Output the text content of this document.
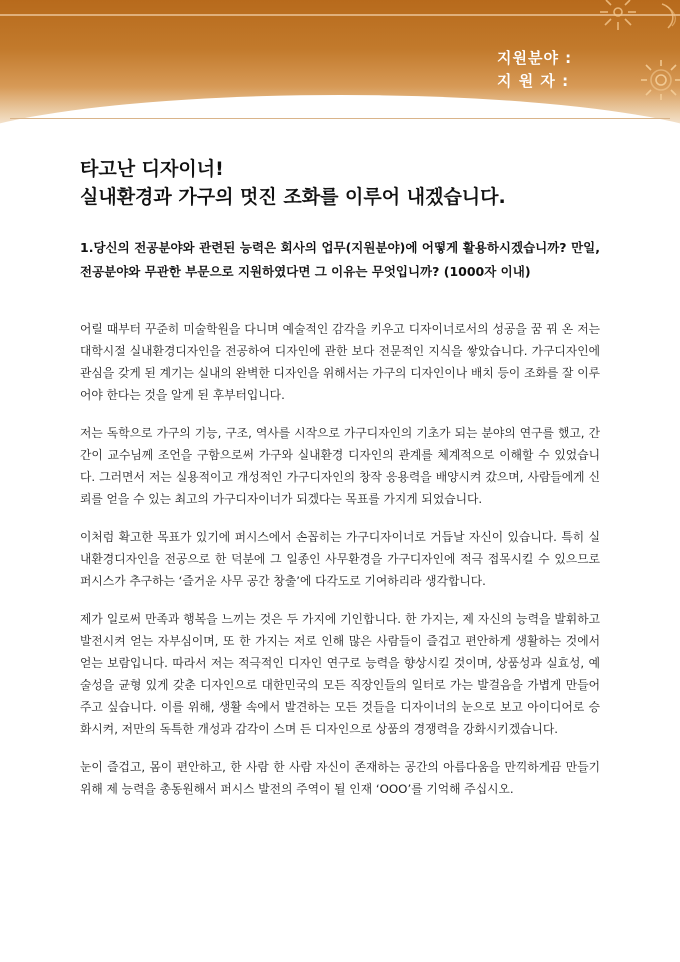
지원분야 :
지 원 자 :
타고난 디자이너!
실내환경과 가구의 멋진 조화를 이루어 내겠습니다.
1.당신의 전공분야와 관련된 능력은 회사의 업무(지원분야)에 어떻게 활용하시겠습니까? 만일, 전공분야와 무관한 부문으로 지원하였다면 그 이유는 무엇입니까? (1000자 이내)

어릴 때부터 꾸준히 미술학원을 다니며 예술적인 감각을 키우고 디자이너로서의 성공을 꿈 꿔 온 저는 대학시절 실내환경디자인을 전공하여 디자인에 관한 보다 전문적인 지식을 쌓았습니다. 가구디자인에 관심을 갖게 된 계기는 실내의 완벽한 디자인을 위해서는 가구의 디자인이나 배치 등이 조화를 잘 이루어야 한다는 것을 알게 된 후부터입니다.

저는 독학으로 가구의 기능, 구조, 역사를 시작으로 가구디자인의 기초가 되는 분야의 연구를 했고, 간간이 교수님께 조언을 구함으로써 가구와 실내환경 디자인의 관계를 체계적으로 이해할 수 있었습니다. 그러면서 저는 실용적이고 개성적인 가구디자인의 창작 응용력을 배양시켜 갔으며, 사람들에게 신뢰를 얻을 수 있는 최고의 가구디자이너가 되겠다는 목표를 가지게 되었습니다.

이처럼 확고한 목표가 있기에 퍼시스에서 손꼽히는 가구디자이너로 거듭날 자신이 있습니다. 특히 실내환경디자인을 전공으로 한 덕분에 그 일종인 사무환경을 가구디자인에 적극 접목시킬 수 있으므로 퍼시스가 추구하는 ‘즐거운 사무 공간 창출’에 다각도로 기여하리라 생각합니다.

제가 일로써 만족과 행복을 느끼는 것은 두 가지에 기인합니다. 한 가지는, 제 자신의 능력을 발휘하고 발전시켜 얻는 자부심이며, 또 한 가지는 저로 인해 많은 사람들이 즐겁고 편안하게 생활하는 것에서 얻는 보람입니다. 따라서 저는 적극적인 디자인 연구로 능력을 향상시킬 것이며, 상품성과 실효성, 예술성을 균형 있게 갖춘 디자인으로 대한민국의 모든 직장인들의 일터로 가는 발걸음을 가볍게 만들어 주고 싶습니다. 이를 위해, 생활 속에서 발견하는 모든 것들을 디자이너의 눈으로 보고 아이디어로 승화시켜, 저만의 독특한 개성과 감각이 스며 든 디자인으로 상품의 경쟁력을 강화시키겠습니다.

눈이 즐겁고, 몸이 편안하고, 한 사람 한 사람 자신이 존재하는 공간의 아름다움을 만끽하게끔 만들기 위해 제 능력을 총동원해서 퍼시스 발전의 주역이 될 인재 ‘OOO’를 기억해 주십시오.
